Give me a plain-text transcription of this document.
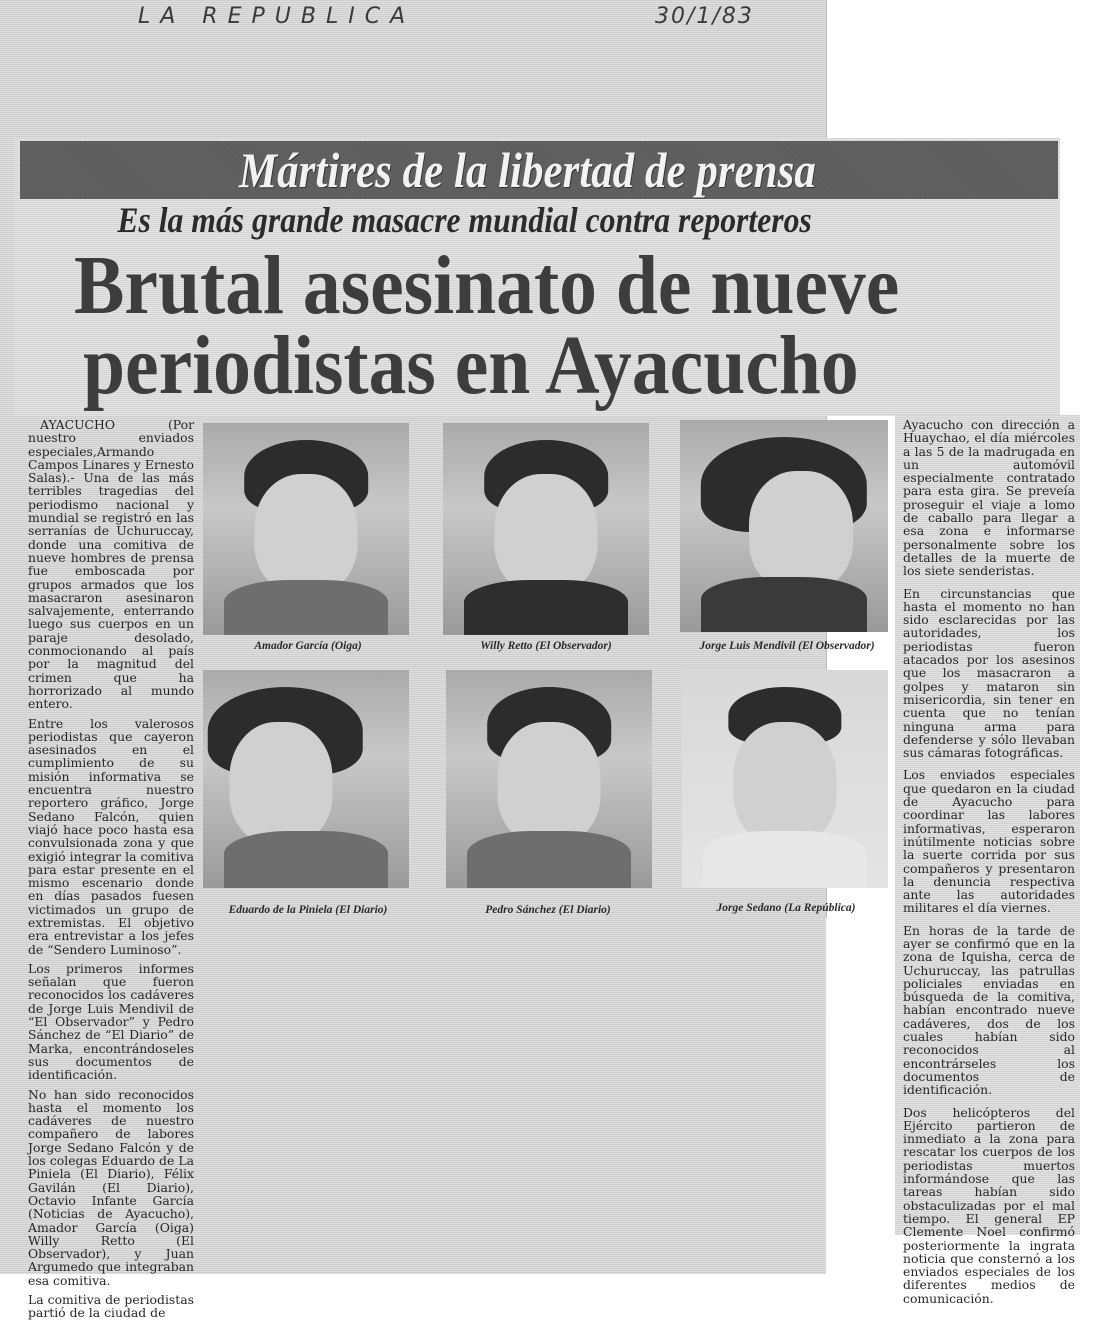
LA REPUBLICA	30/1/83
Mártires de la libertad de prensa
Es la más grande masacre mundial contra reporteros
Brutal asesinato de nueve
periodistas en Ayacucho

AYACUCHO (Por nuestro enviados especiales,Armando Campos Linares y Ernesto Salas).- Una de las más terribles tragedias del periodismo nacional y mundial se registró en las serranías de Uchuruccay, donde una comitiva de nueve hombres de prensa fue emboscada por grupos armados que los masacraron asesinaron salvajemente, enterrando luego sus cuerpos en un paraje desolado, conmocionando al país por la magnitud del crimen que ha horrorizado al mundo entero.

Entre los valerosos periodistas que cayeron asesinados en el cumplimiento de su misión informativa se encuentra nuestro reportero gráfico, Jorge Sedano Falcón, quien viajó hace poco hasta esa convulsionada zona y que exigió integrar la comitiva para estar presente en el mismo escenario donde en días pasados fuesen victimados un grupo de extremistas. El objetivo era entrevistar a los jefes de “Sendero Luminoso”.

Los primeros informes señalan que fueron reconocidos los cadáveres de Jorge Luis Mendivil de “El Observador” y Pedro Sánchez de “El Diario” de Marka, encontrándoseles sus documentos de identificación.

No han sido reconocidos hasta el momento los cadáveres de nuestro compañero de labores Jorge Sedano Falcón y de los colegas Eduardo de La Piniela (El Diario), Félix Gavilán (El Diario), Octavio Infante García (Noticias de Ayacucho), Amador García (Oiga) Willy Retto (El Observador), y Juan Argumedo que integraban esa comitiva.

La comitiva de periodistas partió de la ciudad de

Amador García (Oiga)	Willy Retto (El Observador)	Jorge Luis Mendivil (El Observador)
Eduardo de la Piniela (El Diario)	Pedro Sánchez (El Diario)	Jorge Sedano (La República)

Ayacucho con dirección a Huaychao, el día miércoles a las 5 de la madrugada en un automóvil especialmente contratado para esta gira. Se preveía proseguir el viaje a lomo de caballo para llegar a esa zona e informarse personalmente sobre los detalles de la muerte de los siete senderistas.

En circunstancias que hasta el momento no han sido esclarecidas por las autoridades, los periodistas fueron atacados por los asesinos que los masacraron a golpes y mataron sin misericordia, sin tener en cuenta que no tenían ninguna arma para defenderse y sólo llevaban sus cámaras fotográficas.

Los enviados especiales que quedaron en la ciudad de Ayacucho para coordinar las labores informativas, esperaron inútilmente noticias sobre la suerte corrida por sus compañeros y presentaron la denuncia respectiva ante las autoridades militares el día viernes.

En horas de la tarde de ayer se confirmó que en la zona de Iquisha, cerca de Uchuruccay, las patrullas policiales enviadas en búsqueda de la comitiva, habían encontrado nueve cadáveres, dos de los cuales habían sido reconocidos al encontrárseles los documentos de identificación.

Dos helicópteros del Ejército partieron de inmediato a la zona para rescatar los cuerpos de los periodistas muertos informándose que las tareas habían sido obstaculizadas por el mal tiempo. El general EP Clemente Noel confirmó posteriormente la ingrata noticia que consternó a los enviados especiales de los diferentes medios de comunicación.
